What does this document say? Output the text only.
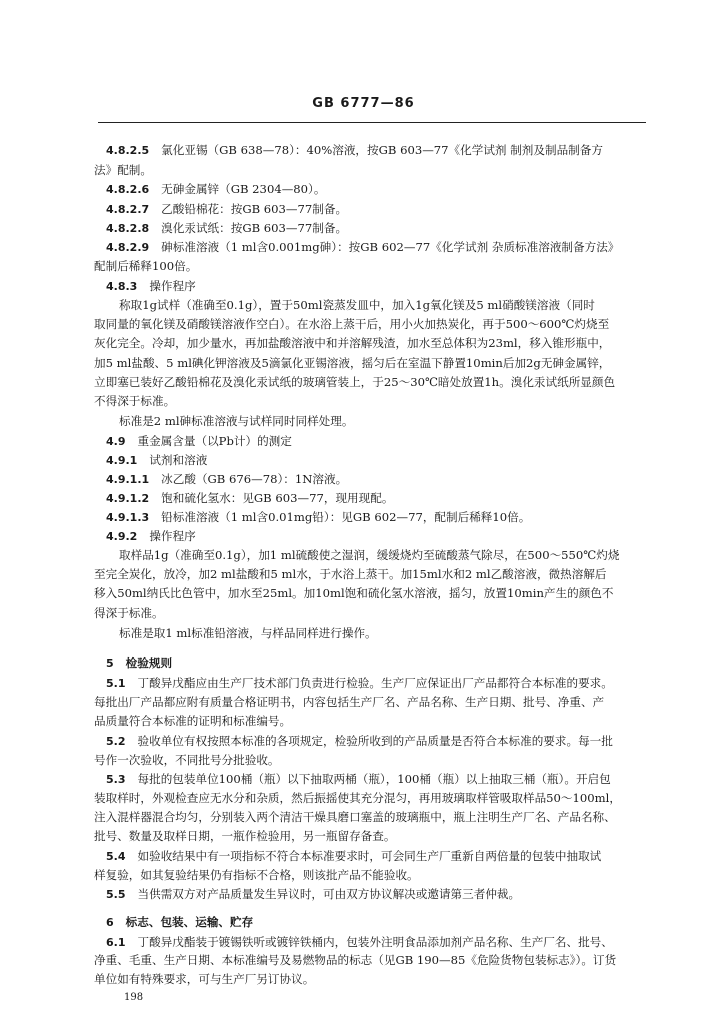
GB 6777—86
4.8.2.5 氯化亚锡（GB 638—78）：40%溶液，按GB 603—77《化学试剂 制剂及制品制备方
法》配制。
4.8.2.6 无砷金属锌（GB 2304—80）。
4.8.2.7 乙酸铅棉花：按GB 603—77制备。
4.8.2.8 溴化汞试纸：按GB 603—77制备。
4.8.2.9 砷标准溶液（1 ml含0.001mg砷）：按GB 602—77《化学试剂 杂质标准溶液制备方法》
配制后稀释100倍。
4.8.3 操作程序
称取1g试样（准确至0.1g），置于50ml瓷蒸发皿中，加入1g氧化镁及5 ml硝酸镁溶液（同时
取同量的氧化镁及硝酸镁溶液作空白）。在水浴上蒸干后，用小火加热炭化，再于500～600℃灼烧至
灰化完全。冷却，加少量水，再加盐酸溶液中和并溶解残渣，加水至总体积为23ml，移入锥形瓶中，
加5 ml盐酸、5 ml碘化钾溶液及5滴氯化亚锡溶液，摇匀后在室温下静置10min后加2g无砷金属锌，
立即塞已装好乙酸铅棉花及溴化汞试纸的玻璃管装上，于25～30℃暗处放置1h。溴化汞试纸所显颜色
不得深于标准。
标准是2 ml砷标准溶液与试样同时同样处理。
4.9 重金属含量（以Pb计）的测定
4.9.1 试剂和溶液
4.9.1.1 冰乙酸（GB 676—78）：1N溶液。
4.9.1.2 饱和硫化氢水：见GB 603—77，现用现配。
4.9.1.3 铅标准溶液（1 ml含0.01mg铅）：见GB 602—77，配制后稀释10倍。
4.9.2 操作程序
取样品1g（准确至0.1g），加1 ml硫酸使之湿润，缓缓烧灼至硫酸蒸气除尽，在500～550℃灼烧
至完全炭化，放冷，加2 ml盐酸和5 ml水，于水浴上蒸干。加15ml水和2 ml乙酸溶液，微热溶解后
移入50ml纳氏比色管中，加水至25ml。加10ml饱和硫化氢水溶液，摇匀，放置10min产生的颜色不
得深于标准。
标准是取1 ml标准铅溶液，与样品同样进行操作。
5 检验规则
5.1 丁酸异戊酯应由生产厂技术部门负责进行检验。生产厂应保证出厂产品都符合本标准的要求。
每批出厂产品都应附有质量合格证明书，内容包括生产厂名、产品名称、生产日期、批号、净重、产
品质量符合本标准的证明和标准编号。
5.2 验收单位有权按照本标准的各项规定，检验所收到的产品质量是否符合本标准的要求。每一批
号作一次验收，不同批号分批验收。
5.3 每批的包装单位100桶（瓶）以下抽取两桶（瓶），100桶（瓶）以上抽取三桶（瓶）。开启包
装取样时，外观检查应无水分和杂质，然后振摇使其充分混匀，再用玻璃取样管吸取样品50～100ml，
注入混样器混合均匀，分别装入两个清洁干燥具磨口塞盖的玻璃瓶中，瓶上注明生产厂名、产品名称、
批号、数量及取样日期，一瓶作检验用，另一瓶留存备查。
5.4 如验收结果中有一项指标不符合本标准要求时，可会同生产厂重新自两倍量的包装中抽取试
样复验，如其复验结果仍有指标不合格，则该批产品不能验收。
5.5 当供需双方对产品质量发生异议时，可由双方协议解决或邀请第三者仲裁。
6 标志、包装、运输、贮存
6.1 丁酸异戊酯装于镀锡铁听或镀锌铁桶内，包装外注明食品添加剂产品名称、生产厂名、批号、
净重、毛重、生产日期、本标准编号及易燃物品的标志（见GB 190—85《危险货物包装标志》）。订货
单位如有特殊要求，可与生产厂另订协议。
198
